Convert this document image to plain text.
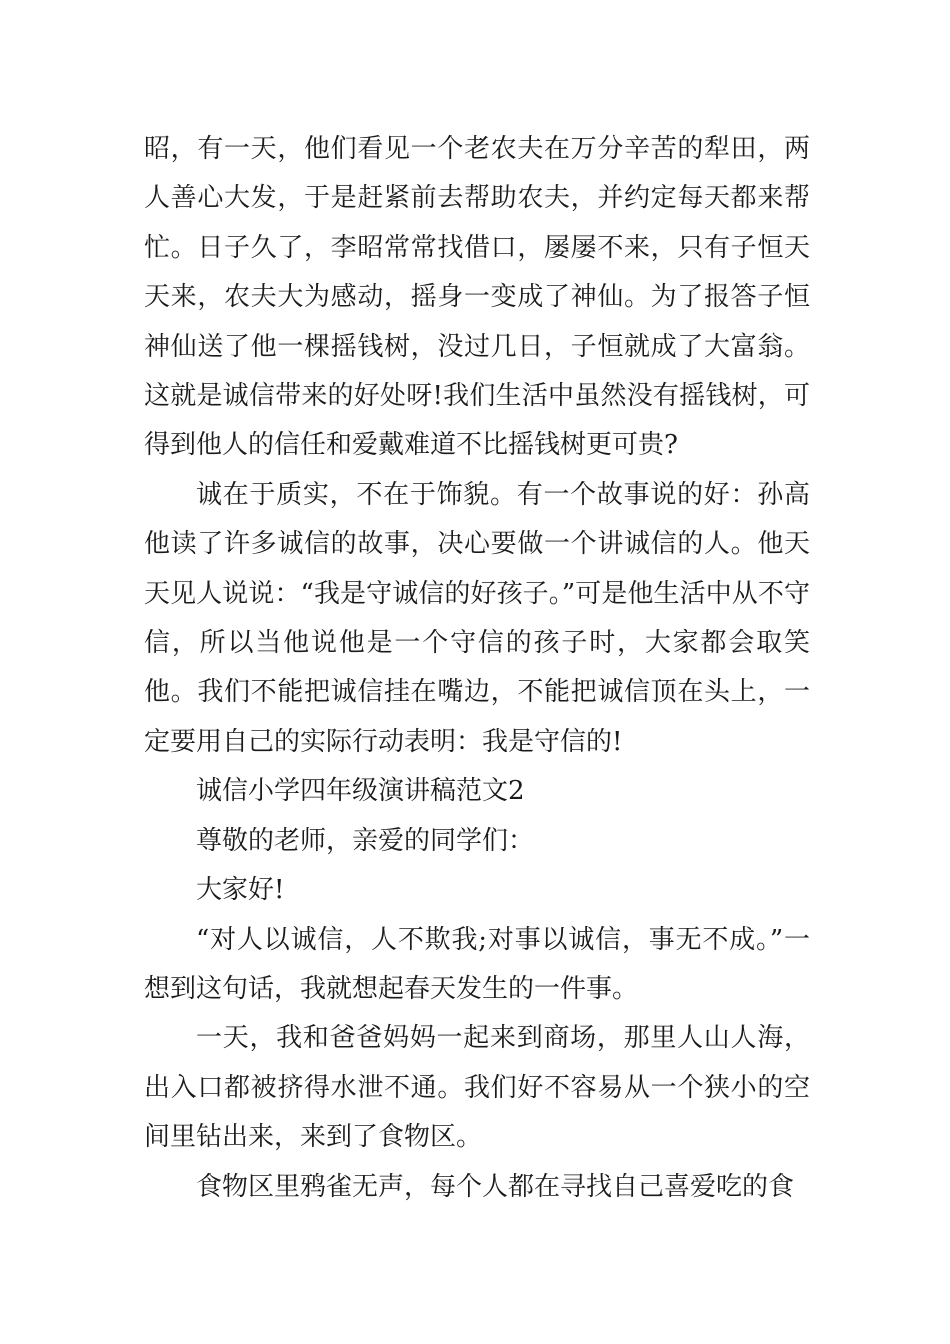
昭，有一天，他们看见一个老农夫在万分辛苦的犁田，两人善心大发，于是赶紧前去帮助农夫，并约定每天都来帮忙。日子久了，李昭常常找借口，屡屡不来，只有子恒天天来，农夫大为感动，摇身一变成了神仙。为了报答子恒神仙送了他一棵摇钱树，没过几日，子恒就成了大富翁。这就是诚信带来的好处呀!我们生活中虽然没有摇钱树，可得到他人的信任和爱戴难道不比摇钱树更可贵?

诚在于质实，不在于饰貌。有一个故事说的好：孙高他读了许多诚信的故事，决心要做一个讲诚信的人。他天天见人说说：“我是守诚信的好孩子。”可是他生活中从不守信，所以当他说他是一个守信的孩子时，大家都会取笑他。我们不能把诚信挂在嘴边，不能把诚信顶在头上，一定要用自己的实际行动表明：我是守信的!

诚信小学四年级演讲稿范文2

尊敬的老师，亲爱的同学们：

大家好!

“对人以诚信，人不欺我;对事以诚信，事无不成。”一想到这句话，我就想起春天发生的一件事。

一天，我和爸爸妈妈一起来到商场，那里人山人海，出入口都被挤得水泄不通。我们好不容易从一个狭小的空间里钻出来，来到了食物区。

食物区里鸦雀无声，每个人都在寻找自己喜爱吃的食
